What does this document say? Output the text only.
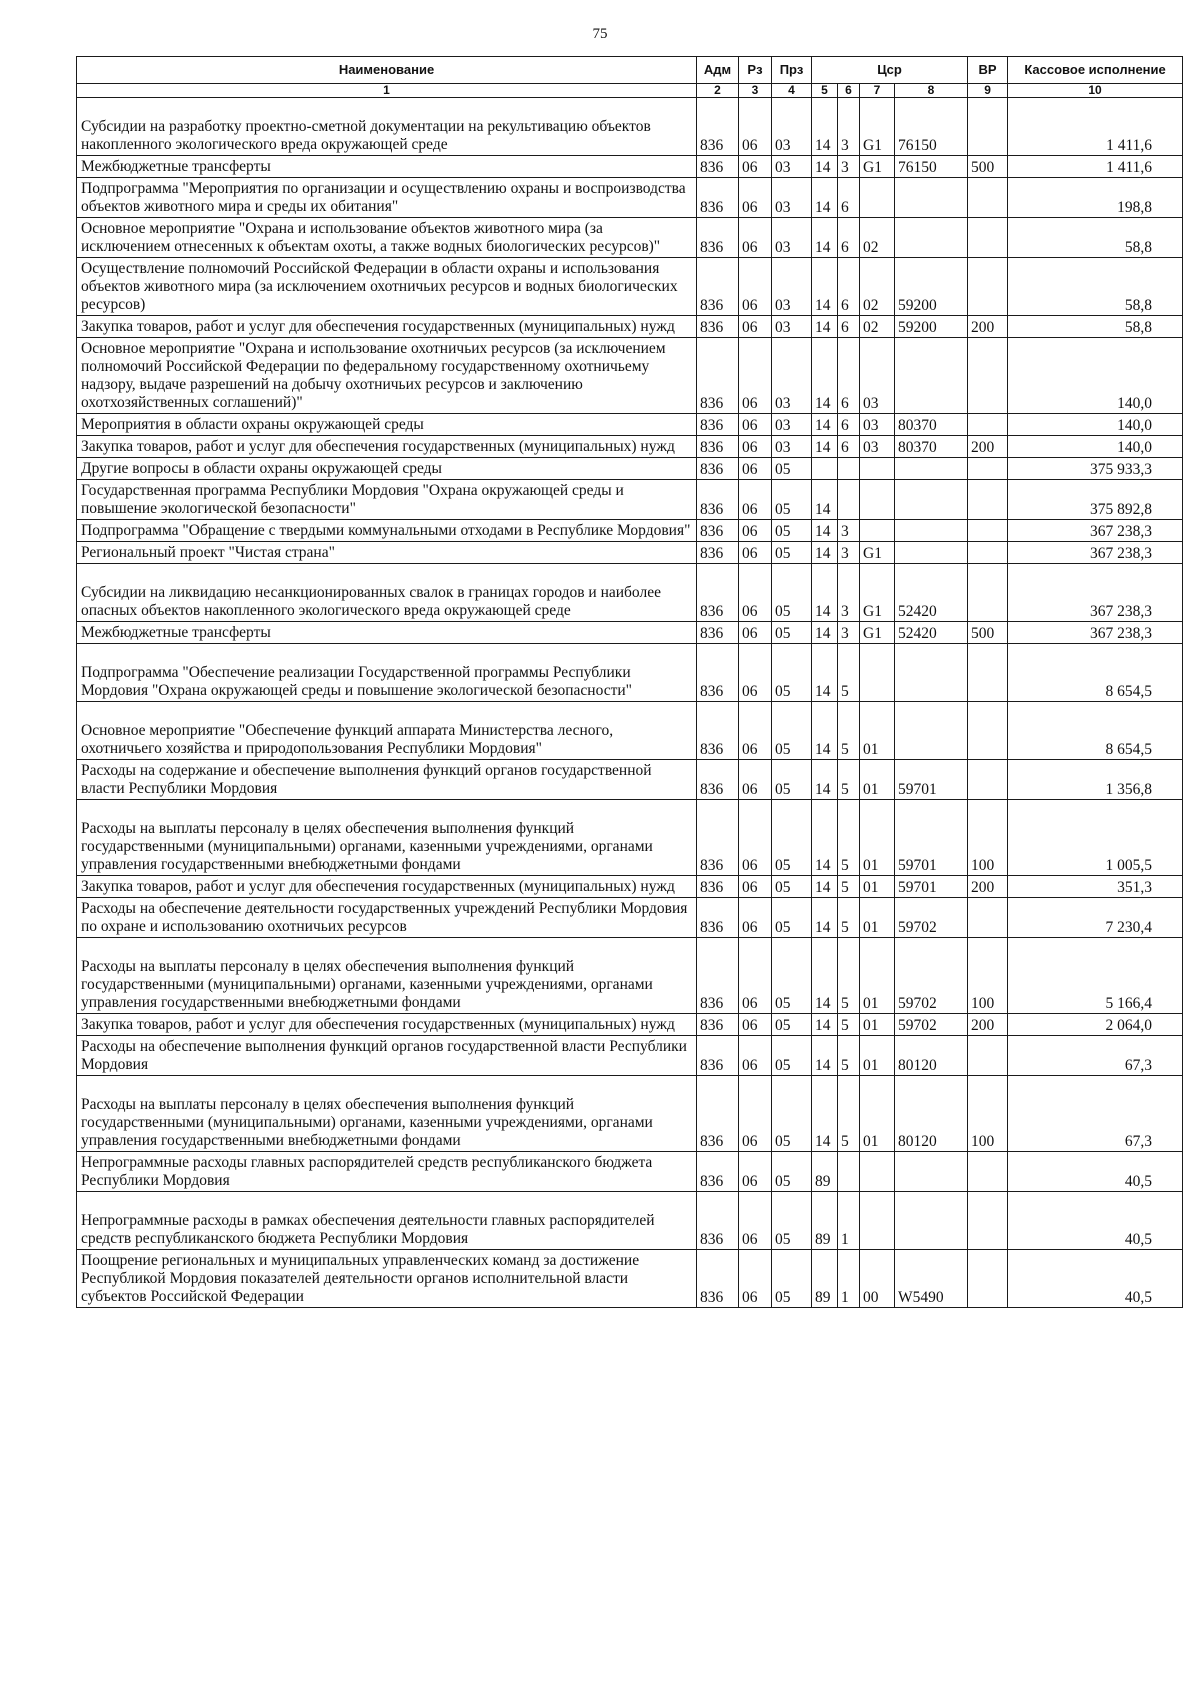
75
Наименование	Адм	Рз	Прз	Цср				ВР	Кассовое исполнение
1	2	3	4	5	6	7	8	9	10

Субсидии на разработку проектно-сметной документации на рекультивацию объектов накопленного экологического вреда окружающей среде	836	06	03	14	3	G1	76150		1 411,6
Межбюджетные трансферты	836	06	03	14	3	G1	76150	500	1 411,6
Подпрограмма "Мероприятия по организации и осуществлению охраны и воспроизводства объектов животного мира и среды их обитания"	836	06	03	14	6				198,8
Основное мероприятие "Охрана и использование объектов животного мира (за исключением отнесенных к объектам охоты, а также водных биологических ресурсов)"	836	06	03	14	6	02			58,8
Осуществление полномочий Российской Федерации в области охраны и использования объектов животного мира (за исключением охотничьих ресурсов и водных биологических ресурсов)	836	06	03	14	6	02	59200		58,8
Закупка товаров, работ и услуг для обеспечения государственных (муниципальных) нужд	836	06	03	14	6	02	59200	200	58,8
Основное мероприятие "Охрана и использование охотничьих ресурсов (за исключением полномочий Российской Федерации по федеральному государственному охотничьему надзору, выдаче разрешений на добычу охотничьих ресурсов и заключению охотхозяйственных соглашений)"	836	06	03	14	6	03			140,0
Мероприятия в области охраны окружающей среды	836	06	03	14	6	03	80370		140,0
Закупка товаров, работ и услуг для обеспечения государственных (муниципальных) нужд	836	06	03	14	6	03	80370	200	140,0
Другие вопросы в области охраны окружающей среды	836	06	05						375 933,3
Государственная программа Республики Мордовия "Охрана окружающей среды и повышение экологической безопасности"	836	06	05	14					375 892,8
Подпрограмма "Обращение с твердыми коммунальными отходами в Республике Мордовия"	836	06	05	14	3				367 238,3
Региональный проект "Чистая страна"	836	06	05	14	3	G1			367 238,3

Субсидии на ликвидацию несанкционированных свалок в границах городов и наиболее опасных объектов накопленного экологического вреда окружающей среде	836	06	05	14	3	G1	52420		367 238,3
Межбюджетные трансферты	836	06	05	14	3	G1	52420	500	367 238,3

Подпрограмма "Обеспечение реализации Государственной программы Республики Мордовия "Охрана окружающей среды и повышение экологической безопасности"	836	06	05	14	5				8 654,5

Основное мероприятие "Обеспечение функций аппарата Министерства лесного, охотничьего хозяйства и природопользования Республики Мордовия"	836	06	05	14	5	01			8 654,5
Расходы на содержание и обеспечение выполнения функций органов государственной власти Республики Мордовия	836	06	05	14	5	01	59701		1 356,8

Расходы на выплаты персоналу в целях обеспечения выполнения функций государственными (муниципальными) органами, казенными учреждениями, органами управления государственными внебюджетными фондами	836	06	05	14	5	01	59701	100	1 005,5
Закупка товаров, работ и услуг для обеспечения государственных (муниципальных) нужд	836	06	05	14	5	01	59701	200	351,3
Расходы на обеспечение деятельности государственных учреждений Республики Мордовия по охране и использованию охотничьих ресурсов	836	06	05	14	5	01	59702		7 230,4

Расходы на выплаты персоналу в целях обеспечения выполнения функций государственными (муниципальными) органами, казенными учреждениями, органами управления государственными внебюджетными фондами	836	06	05	14	5	01	59702	100	5 166,4
Закупка товаров, работ и услуг для обеспечения государственных (муниципальных) нужд	836	06	05	14	5	01	59702	200	2 064,0
Расходы на обеспечение выполнения функций органов государственной власти Республики Мордовия	836	06	05	14	5	01	80120		67,3

Расходы на выплаты персоналу в целях обеспечения выполнения функций государственными (муниципальными) органами, казенными учреждениями, органами управления государственными внебюджетными фондами	836	06	05	14	5	01	80120	100	67,3
Непрограммные расходы главных распорядителей средств республиканского бюджета Республики Мордовия	836	06	05	89					40,5

Непрограммные расходы в рамках обеспечения деятельности главных распорядителей средств республиканского бюджета Республики Мордовия	836	06	05	89	1				40,5
Поощрение региональных и муниципальных управленческих команд за достижение Республикой Мордовия показателей деятельности органов исполнительной власти субъектов Российской Федерации	836	06	05	89	1	00	W5490		40,5
